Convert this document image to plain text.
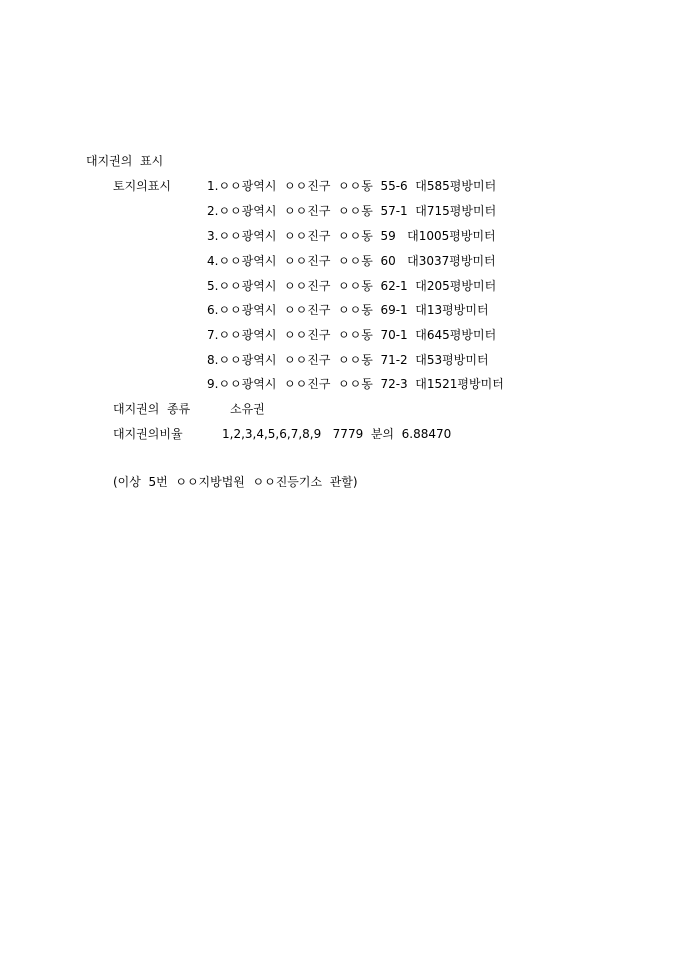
대지권의  표시
토지의표시	1.ㅇㅇ광역시  ㅇㅇ진구  ㅇㅇ동  55-6  대585평방미터
2.ㅇㅇ광역시  ㅇㅇ진구  ㅇㅇ동  57-1  대715평방미터
3.ㅇㅇ광역시  ㅇㅇ진구  ㅇㅇ동  59   대1005평방미터
4.ㅇㅇ광역시  ㅇㅇ진구  ㅇㅇ동  60   대3037평방미터
5.ㅇㅇ광역시  ㅇㅇ진구  ㅇㅇ동  62-1  대205평방미터
6.ㅇㅇ광역시  ㅇㅇ진구  ㅇㅇ동  69-1  대13평방미터
7.ㅇㅇ광역시  ㅇㅇ진구  ㅇㅇ동  70-1  대645평방미터
8.ㅇㅇ광역시  ㅇㅇ진구  ㅇㅇ동  71-2  대53평방미터
9.ㅇㅇ광역시  ㅇㅇ진구  ㅇㅇ동  72-3  대1521평방미터
대지권의  종류	소유권
대지권의비율	1,2,3,4,5,6,7,8,9   7779  분의  6.88470
(이상  5번  ㅇㅇ지방법원  ㅇㅇ진등기소  관할)
